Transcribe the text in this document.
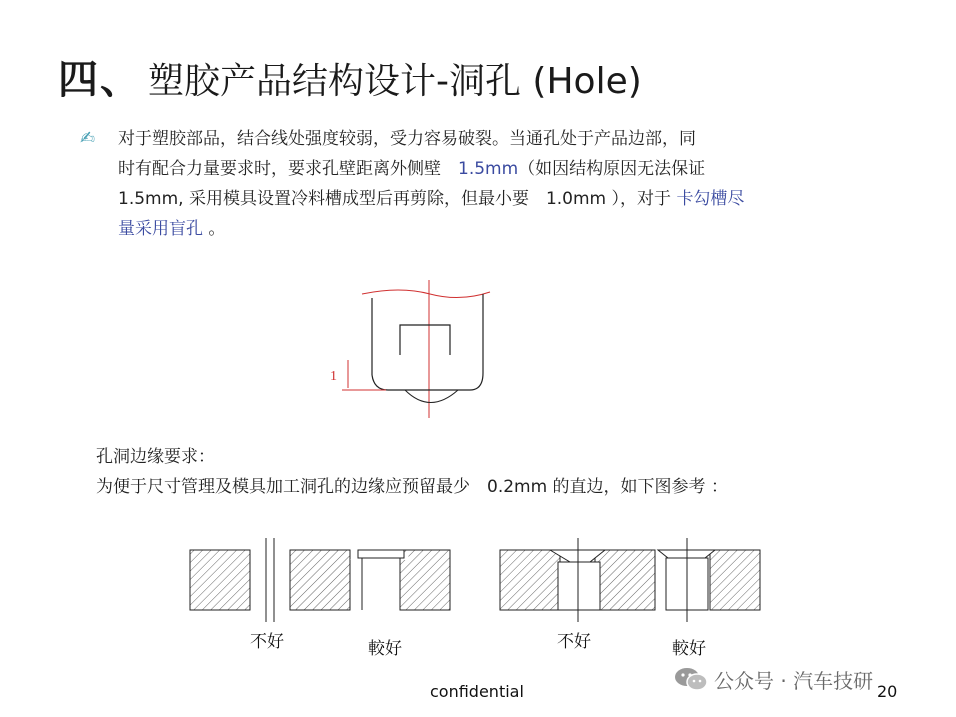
四、 塑胶产品结构设计-洞孔 (Hole)
✍ 对于塑胶部品，结合线处强度较弱，受力容易破裂。当通孔处于产品边部，同
时有配合力量要求时，要求孔壁距离外侧壁　 1.5mm（如因结构原因无法保证
1.5mm, 采用模具设置冷料槽成型后再剪除，但最小要　1.0mm ），对于 卡勾槽尽
量采用盲孔 。
1
孔洞边缘要求：
为便于尺寸管理及模具加工洞孔的边缘应预留最少　0.2mm 的直边，如下图参考 ：
不好	較好	不好	較好
公众号 · 汽车技研
confidential	20
